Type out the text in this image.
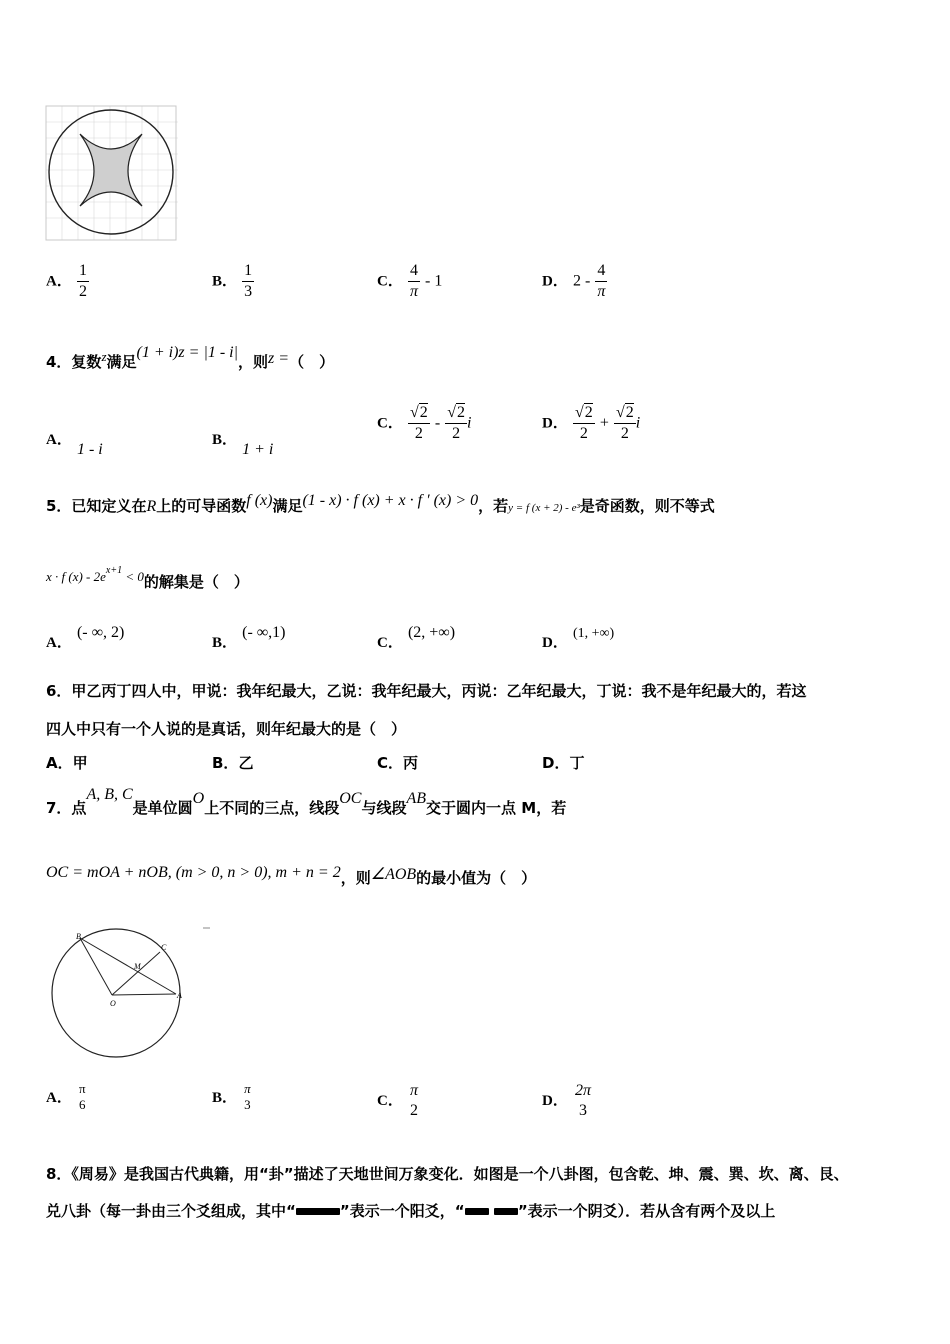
A． $\frac{1}{2}$	B． $\frac{1}{3}$	C． $\frac{4}{\pi} - 1$	D． $2 - \frac{4}{\pi}$
4．复数z满足(1 + i)z = |1 - i|，则z =（　）
A． 1 - i
B． 1 + i
C． $\frac{√2}{2} - \frac{√2}{2}$ i	D． $\frac{√2}{2} + \frac{√2}{2}$ i
5．已知定义在R上的可导函数f (x)满足(1 - x) · f (x) + x · f ′ (x) > 0，若y = f (x + 2) - e³是奇函数，则不等式
x · f $(x) - 2e^{x+1} < 0$的解集是（　）
A． (- ∞, 2)
B． (- ∞,1)
C． (2, +∞)
D． (1, +∞)
6．甲乙丙丁四人中，甲说：我年纪最大，乙说：我年纪最大，丙说：乙年纪最大，丁说：我不是年纪最大的，若这
四人中只有一个人说的是真话，则年纪最大的是（　）
A．甲	B．乙	C．丙	D．丁
7．点A, B, C是单位圆O上不同的三点，线段OC与线段AB交于圆内一点 M，若
OC = mOA + nOB, (m > 0, n > 0), m + n = 2，则∠AOB的最小值为（　）
B
C
M
O
A
A．
π
6	B．
π
3	C．
π
2
D．
2π
3
8．《周易》是我国古代典籍，用“卦”描述了天地世间万象变化．如图是一个八卦图，包含乾、坤、震、巽、坎、离、艮、
兑八卦（每一卦由三个爻组成，其中“	”表示一个阳爻，“	”表示一个阴爻）．若从含有两个及以上
